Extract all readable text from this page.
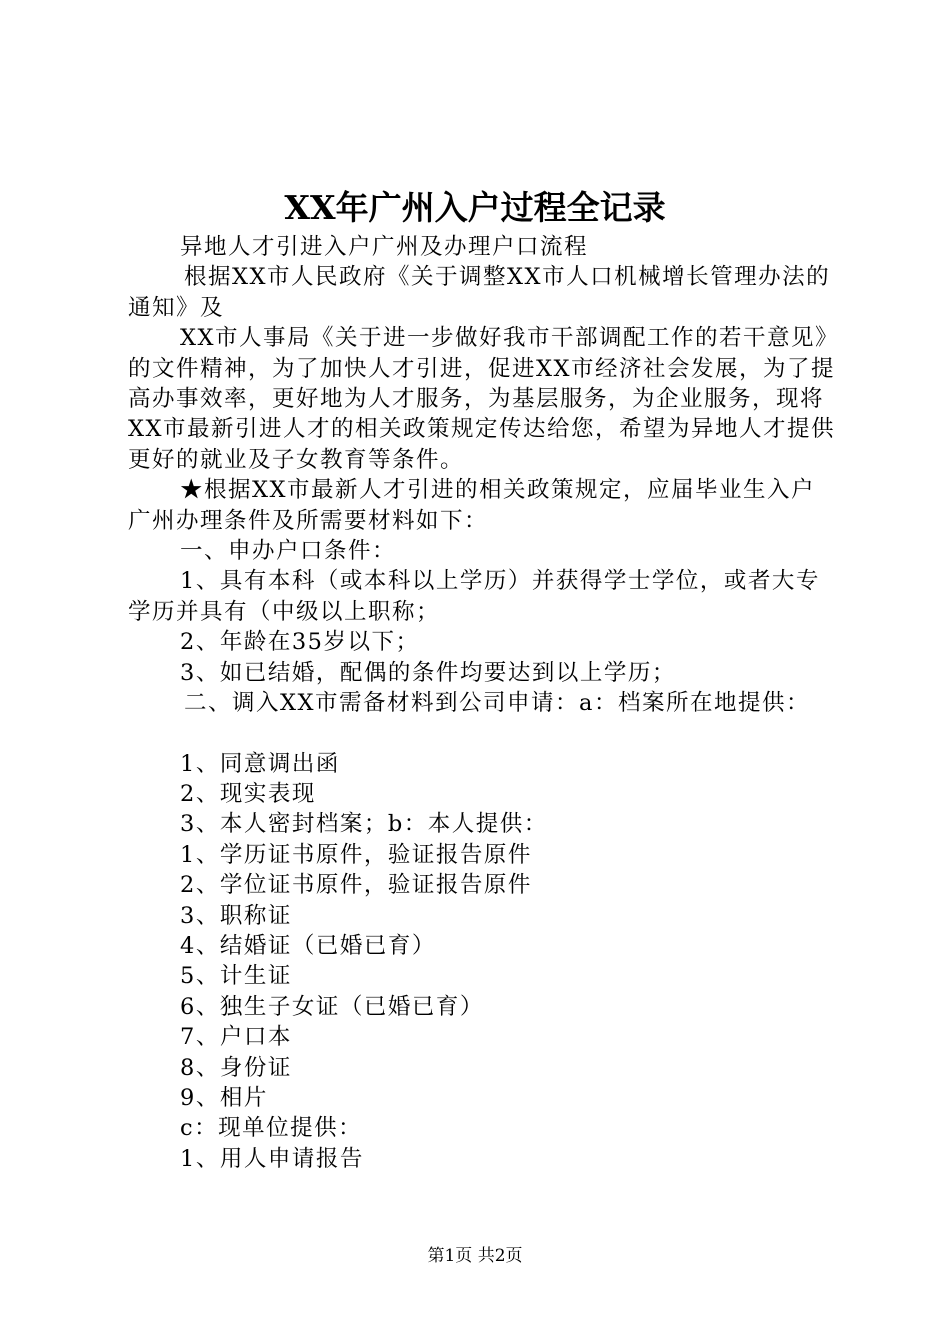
XX年广州入户过程全记录

异地人才引进入户广州及办理户口流程

根据XX市人民政府《关于调整XX市人口机械增长管理办法的通知》及

XX市人事局《关于进一步做好我市干部调配工作的若干意见》的文件精神，为了加快人才引进，促进XX市经济社会发展，为了提高办事效率，更好地为人才服务，为基层服务，为企业服务，现将XX市最新引进人才的相关政策规定传达给您，希望为异地人才提供更好的就业及子女教育等条件。

★根据XX市最新人才引进的相关政策规定，应届毕业生入户广州办理条件及所需要材料如下：

一、申办户口条件：

1、具有本科（或本科以上学历）并获得学士学位，或者大专学历并具有（中级以上职称；

2、年龄在35岁以下；

3、如已结婚，配偶的条件均要达到以上学历；

二、调入XX市需备材料到公司申请：a：档案所在地提供：

1、同意调出函

2、现实表现

3、本人密封档案；b：本人提供：

1、学历证书原件，验证报告原件

2、学位证书原件，验证报告原件

3、职称证

4、结婚证（已婚已育）

5、计生证

6、独生子女证（已婚已育）

7、户口本

8、身份证

9、相片

c：现单位提供：

1、用人申请报告

第1页 共2页
